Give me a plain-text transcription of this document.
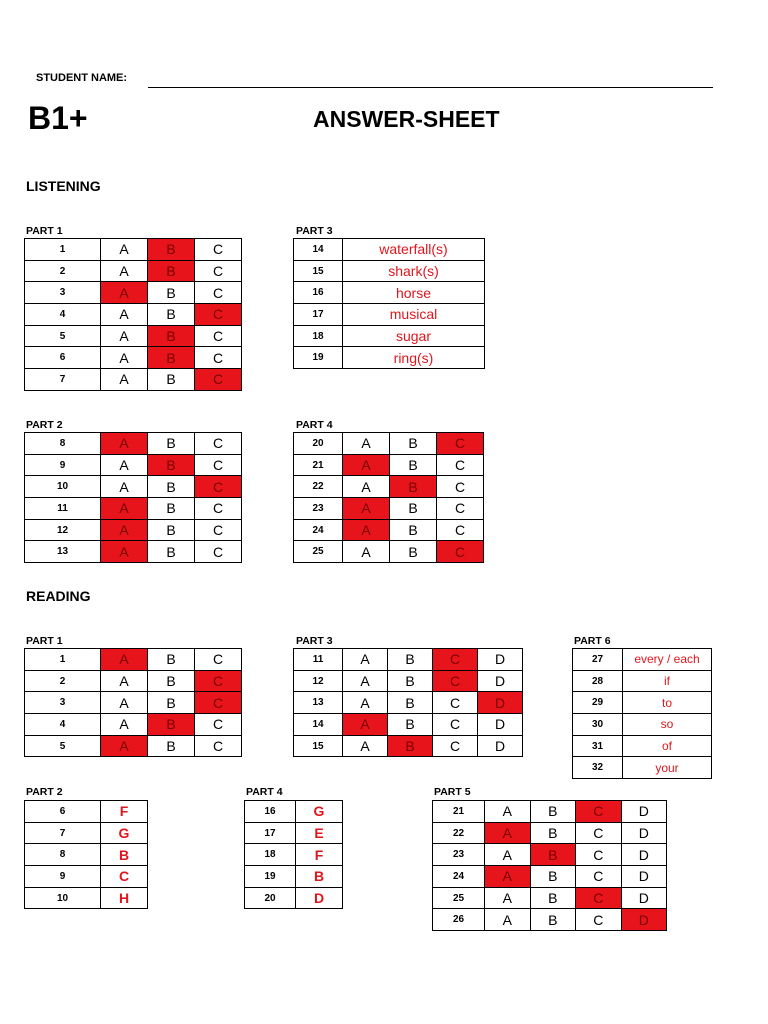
STUDENT NAME:
B1+	ANSWER-SHEET
LISTENING
PART 1
1	A	B	C
2	A	B	C
3	A	B	C
4	A	B	C
5	A	B	C
6	A	B	C
7	A	B	C
PART 3
14	waterfall(s)
15	shark(s)
16	horse
17	musical
18	sugar
19	ring(s)
PART 2
8	A	B	C
9	A	B	C
10	A	B	C
11	A	B	C
12	A	B	C
13	A	B	C
PART 4
20	A	B	C
21	A	B	C
22	A	B	C
23	A	B	C
24	A	B	C
25	A	B	C
READING
PART 1
1	A	B	C
2	A	B	C
3	A	B	C
4	A	B	C
5	A	B	C
PART 3
11	A	B	C	D
12	A	B	C	D
13	A	B	C	D
14	A	B	C	D
15	A	B	C	D
PART 6
27	every / each
28	if
29	to
30	so
31	of
32	your
PART 2
6	F
7	G
8	B
9	C
10	H
PART 4
16	G
17	E
18	F
19	B
20	D
PART 5
21	A	B	C	D
22	A	B	C	D
23	A	B	C	D
24	A	B	C	D
25	A	B	C	D
26	A	B	C	D
